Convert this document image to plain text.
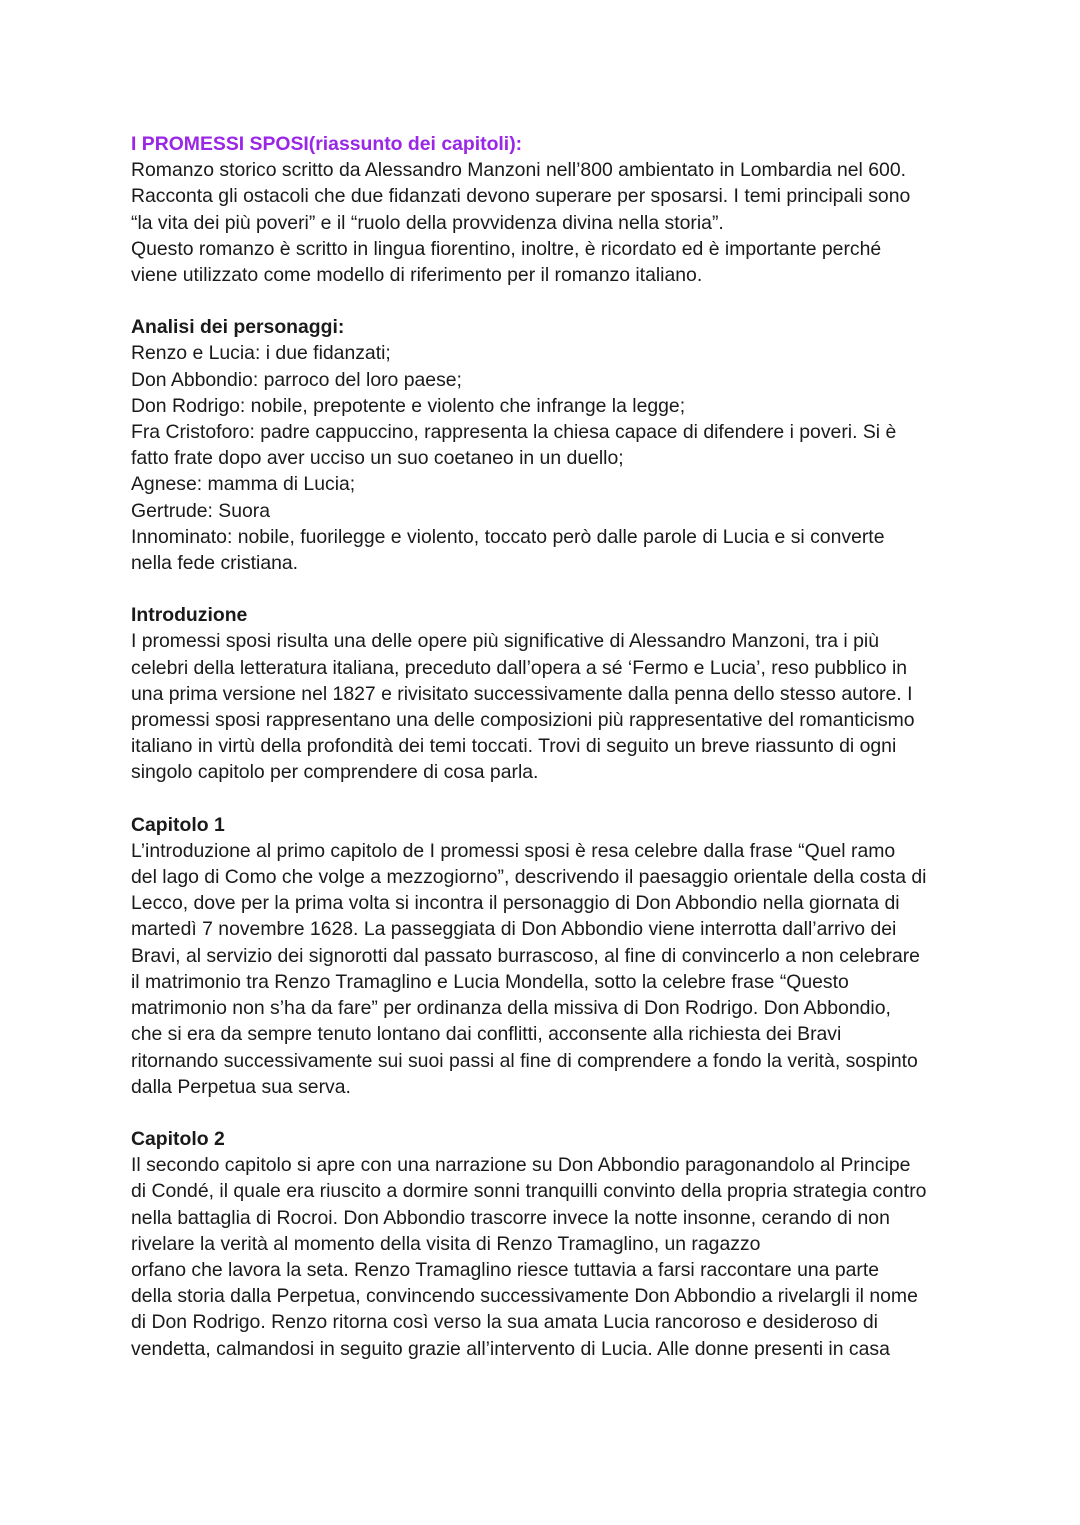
I PROMESSI SPOSI(riassunto dei capitoli):

Romanzo storico scritto da Alessandro Manzoni nell’800 ambientato in Lombardia nel 600.
Racconta gli ostacoli che due fidanzati devono superare per sposarsi. I temi principali sono
“la vita dei più poveri” e il “ruolo della provvidenza divina nella storia”.
Questo romanzo è scritto in lingua fiorentino, inoltre, è ricordato ed è importante perché
viene utilizzato come modello di riferimento per il romanzo italiano.

Analisi dei personaggi:

Renzo e Lucia: i due fidanzati;
Don Abbondio: parroco del loro paese;
Don Rodrigo: nobile, prepotente e violento che infrange la legge;
Fra Cristoforo: padre cappuccino, rappresenta la chiesa capace di difendere i poveri. Si è
fatto frate dopo aver ucciso un suo coetaneo in un duello;
Agnese: mamma di Lucia;
Gertrude: Suora
Innominato: nobile, fuorilegge e violento, toccato però dalle parole di Lucia e si converte
nella fede cristiana.

Introduzione

I promessi sposi risulta una delle opere più significative di Alessandro Manzoni, tra i più
celebri della letteratura italiana, preceduto dall’opera a sé ‘Fermo e Lucia’, reso pubblico in
una prima versione nel 1827 e rivisitato successivamente dalla penna dello stesso autore. I
promessi sposi rappresentano una delle composizioni più rappresentative del romanticismo
italiano in virtù della profondità dei temi toccati. Trovi di seguito un breve riassunto di ogni
singolo capitolo per comprendere di cosa parla.

Capitolo 1

L’introduzione al primo capitolo de I promessi sposi è resa celebre dalla frase “Quel ramo
del lago di Como che volge a mezzogiorno”, descrivendo il paesaggio orientale della costa di
Lecco, dove per la prima volta si incontra il personaggio di Don Abbondio nella giornata di
martedì 7 novembre 1628. La passeggiata di Don Abbondio viene interrotta dall’arrivo dei
Bravi, al servizio dei signorotti dal passato burrascoso, al fine di convincerlo a non celebrare
il matrimonio tra Renzo Tramaglino e Lucia Mondella, sotto la celebre frase “Questo
matrimonio non s’ha da fare” per ordinanza della missiva di Don Rodrigo. Don Abbondio,
che si era da sempre tenuto lontano dai conflitti, acconsente alla richiesta dei Bravi
ritornando successivamente sui suoi passi al fine di comprendere a fondo la verità, sospinto
dalla Perpetua sua serva.

Capitolo 2

Il secondo capitolo si apre con una narrazione su Don Abbondio paragonandolo al Principe
di Condé, il quale era riuscito a dormire sonni tranquilli convinto della propria strategia contro
nella battaglia di Rocroi. Don Abbondio trascorre invece la notte insonne, cerando di non
rivelare la verità al momento della visita di Renzo Tramaglino, un ragazzo
orfano che lavora la seta. Renzo Tramaglino riesce tuttavia a farsi raccontare una parte
della storia dalla Perpetua, convincendo successivamente Don Abbondio a rivelargli il nome
di Don Rodrigo. Renzo ritorna così verso la sua amata Lucia rancoroso e desideroso di
vendetta, calmandosi in seguito grazie all’intervento di Lucia. Alle donne presenti in casa
